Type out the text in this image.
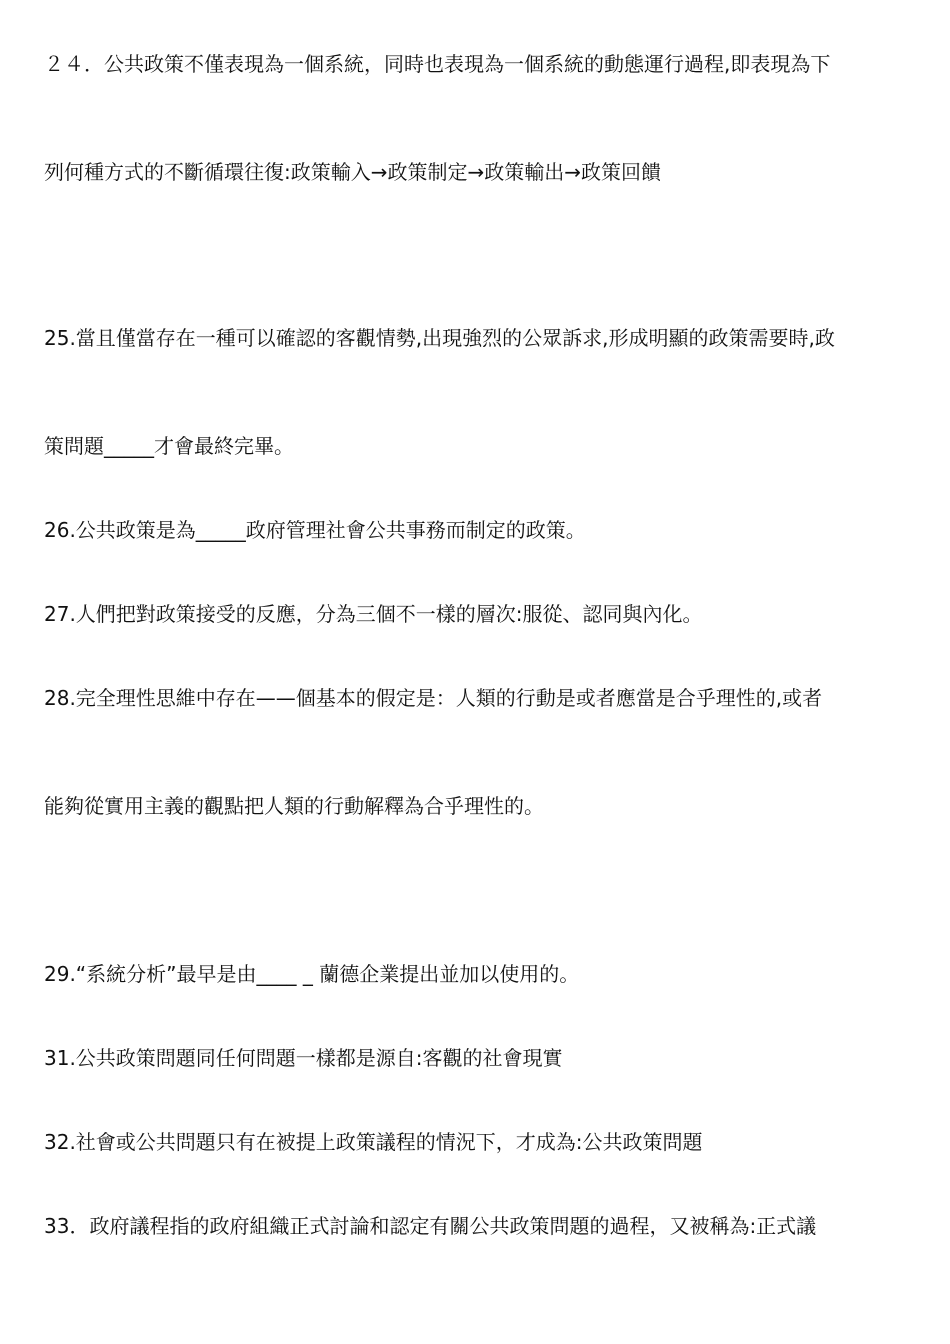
２４．公共政策不僅表現為一個系統，同時也表現為一個系統的動態運行過程,即表現為下
列何種方式的不斷循環往復:政策輸入→政策制定→政策輸出→政策回饋
25.當且僅當存在一種可以確認的客觀情勢,出現強烈的公眾訴求,形成明顯的政策需要時,政
策問題_____才會最終完畢。
26.公共政策是為_____政府管理社會公共事務而制定的政策。
27.人們把對政策接受的反應，分為三個不一樣的層次:服從、認同與內化。
28.完全理性思維中存在——個基本的假定是：人類的行動是或者應當是合乎理性的,或者
能夠從實用主義的觀點把人類的行動解釋為合乎理性的。
29.“系統分析”最早是由____ _ 蘭德企業提出並加以使用的。
31.公共政策問題同任何問題一樣都是源自:客觀的社會現實
32.社會或公共問題只有在被提上政策議程的情況下，才成為:公共政策問題
33．政府議程指的政府組織正式討論和認定有關公共政策問題的過程，又被稱為:正式議
